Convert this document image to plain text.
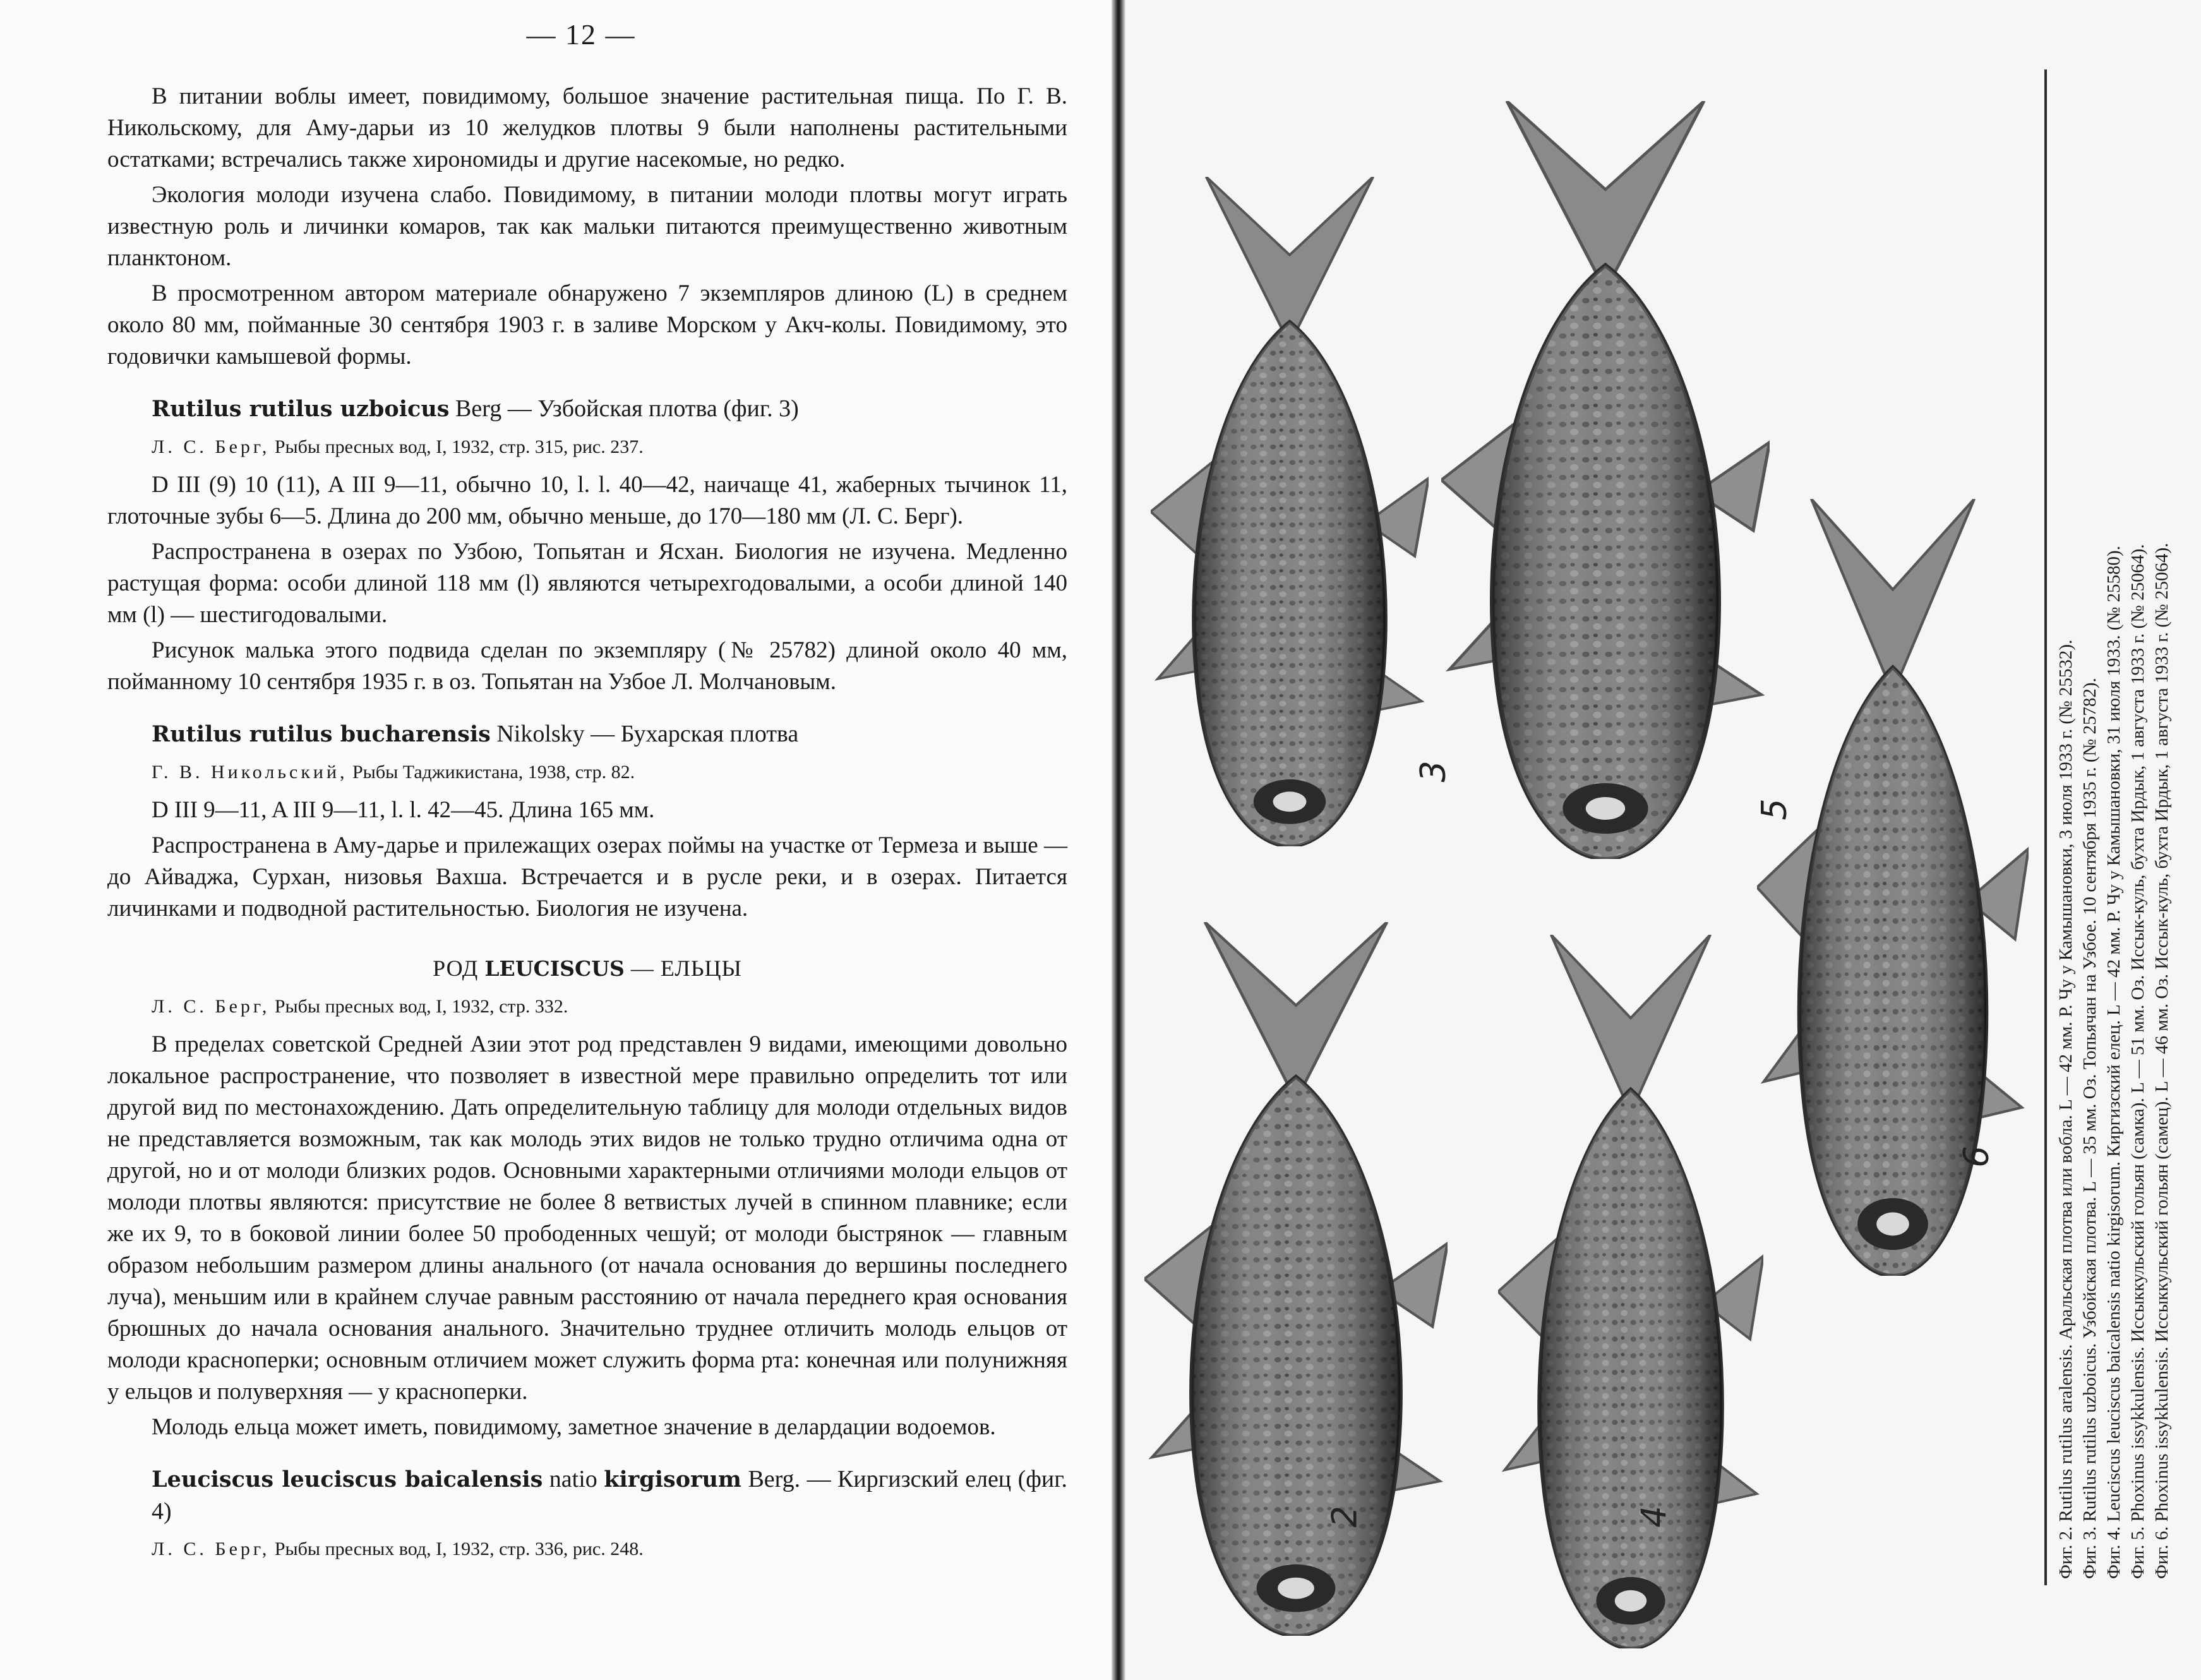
— 12 —

В питании воблы имеет, повидимому, большое значение растительная пища. По Г. В. Никольскому, для Аму-дарьи из 10 желудков плотвы 9 были наполнены растительными остатками; встречались также хирономиды и другие насекомые, но редко.

Экология молоди изучена слабо. Повидимому, в питании молоди плотвы могут играть известную роль и личинки комаров, так как мальки питаются преимущественно животным планктоном.

В просмотренном автором материале обнаружено 7 экземпляров длиною (L) в среднем около 80 мм, пойманные 30 сентября 1903 г. в заливе Морском у Акч-колы. Повидимому, это годовички камышевой формы.

Rutilus rutilus uzboicus Berg — Узбойская плотва (фиг. 3)
Л. С. Берг, Рыбы пресных вод, I, 1932, стр. 315, рис. 237.

D III (9) 10 (11), A III 9—11, обычно 10, l. l. 40—42, наичаще 41, жаберных тычинок 11, глоточные зубы 6—5. Длина до 200 мм, обычно меньше, до 170—180 мм (Л. С. Берг).

Распространена в озерах по Узбою, Топьятан и Ясхан. Биология не изучена. Медленно растущая форма: особи длиной 118 мм (l) являются четырехгодовалыми, а особи длиной 140 мм (l) — шестигодовалыми.

Рисунок малька этого подвида сделан по экземпляру (№ 25782) длиной около 40 мм, пойманному 10 сентября 1935 г. в оз. Топьятан на Узбое Л. Молчановым.

Rutilus rutilus bucharensis Nikolsky — Бухарская плотва
Г. В. Никольский, Рыбы Таджикистана, 1938, стр. 82.

D III 9—11, A III 9—11, l. l. 42—45. Длина 165 мм.

Распространена в Аму-дарье и прилежащих озерах поймы на участке от Термеза и выше — до Айваджа, Сурхан, низовья Вахша. Встречается и в русле реки, и в озерах. Питается личинками и подводной растительностью. Биология не изучена.

РОД LEUCISCUS — ЕЛЬЦЫ
Л. С. Берг, Рыбы пресных вод, I, 1932, стр. 332.

В пределах советской Средней Азии этот род представлен 9 видами, имеющими довольно локальное распространение, что позволяет в известной мере правильно определить тот или другой вид по местонахождению. Дать определительную таблицу для молоди отдельных видов не представляется возможным, так как молодь этих видов не только трудно отличима одна от другой, но и от молоди близких родов. Основными характерными отличиями молоди ельцов от молоди плотвы являются: присутствие не более 8 ветвистых лучей в спинном плавнике; если же их 9, то в боковой линии более 50 прободенных чешуй; от молоди быстрянок — главным образом небольшим размером длины анального (от начала основания до вершины последнего луча), меньшим или в крайнем случае равным расстоянию от начала переднего края основания брюшных до начала основания анального. Значительно труднее отличить молодь ельцов от молоди красноперки; основным отличием может служить форма рта: конечная или полунижняя у ельцов и полуверхняя — у красноперки.

Молодь ельца может иметь, повидимому, заметное значение в делардации водоемов.

Leuciscus leuciscus baicalensis natio kirgisorum Berg. — Киргизский елец (фиг. 4)
Л. С. Берг, Рыбы пресных вод, I, 1932, стр. 336, рис. 248.
3
5
6
2	4	Фиг. 2. Rutilus rutilus aralensis. Аральская плотва или вобла. L — 42 мм. Р. Чу у Камышановки, 3 июля 1933 г. (№ 25532). Фиг. 3. Rutilus rutilus uzboicus. Узбойская плотва. L — 35 мм. Оз. Топьячан на Узбое. 10 сентября 1935 г. (№ 25782). Фиг. 4. Leuciscus leuciscus baicalensis natio kirgisorum. Киргизский елец. L — 42 мм. Р. Чу у Камышановки, 31 июля 1933. (№ 25580). Фиг. 5. Phoxinus issykkulensis. Иссыккульский гольян (самка). L — 51 мм. Оз. Иссык-куль, бухта Ирдык, 1 августа 1933 г. (№ 25064). Фиг. 6. Phoxinus issykkulensis. Иссыккульский гольян (самец). L — 46 мм. Оз. Иссык-куль, бухта Ирдык, 1 августа 1933 г. (№ 25064).
